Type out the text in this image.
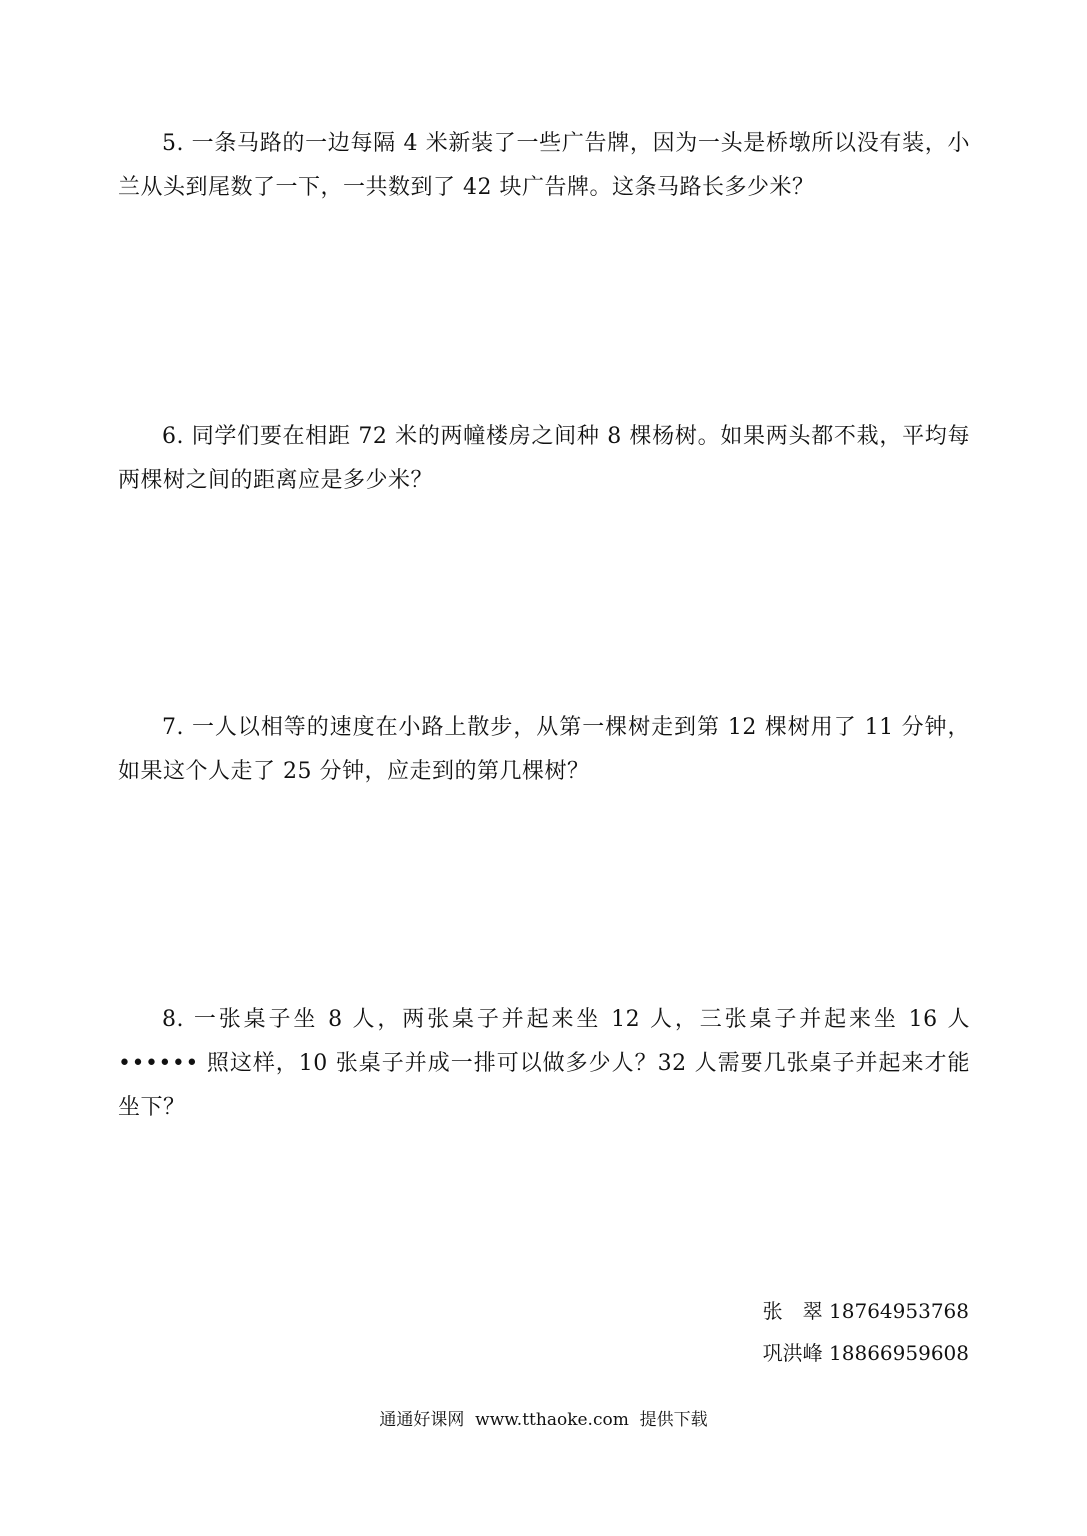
5. 一条马路的一边每隔 4 米新装了一些广告牌，因为一头是桥墩所以没有装，小兰从头到尾数了一下，一共数到了 42 块广告牌。这条马路长多少米？

6. 同学们要在相距 72 米的两幢楼房之间种 8 棵杨树。如果两头都不栽，平均每两棵树之间的距离应是多少米？

7. 一人以相等的速度在小路上散步，从第一棵树走到第 12 棵树用了 11 分钟，如果这个人走了 25 分钟，应走到的第几棵树？

8. 一张桌子坐 8 人，两张桌子并起来坐 12 人，三张桌子并起来坐 16 人 •••••• 照这样，10 张桌子并成一排可以做多少人？32 人需要几张桌子并起来才能坐下？

张　翠 18764953768
巩洪峰 18866959608
通通好课网  www.tthaoke.com  提供下载
